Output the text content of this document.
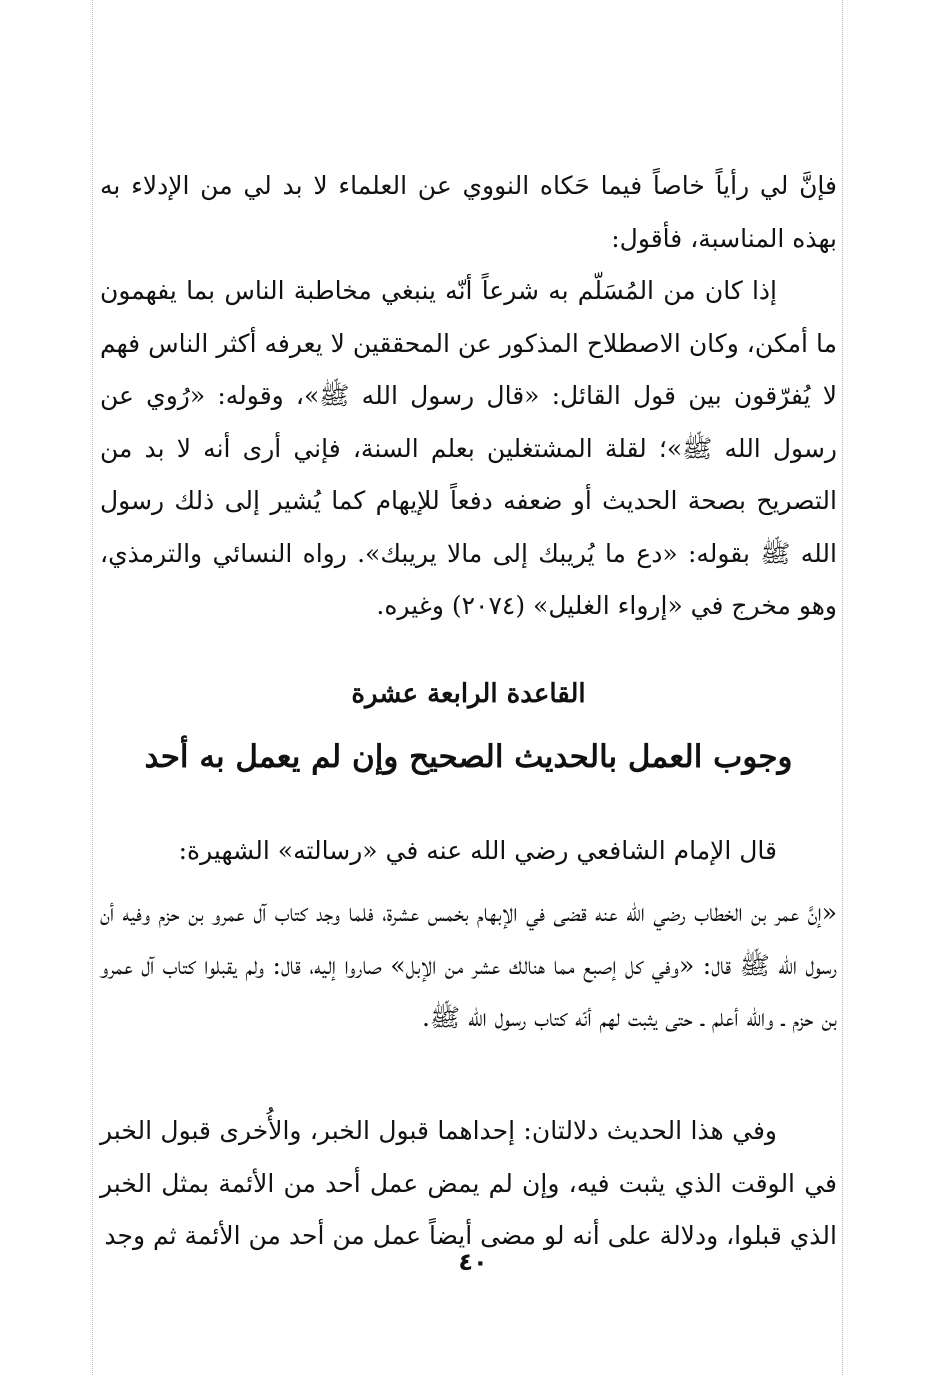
فإنَّ لي رأياً خاصاً فيما حَكاه النووي عن العلماء لا بد لي من الإدلاء به بهذه المناسبة، فأقول:

إذا كان من المُسَلّم به شرعاً أنّه ينبغي مخاطبة الناس بما يفهمون ما أمكن، وكان الاصطلاح المذكور عن المحققين لا يعرفه أكثر الناس فهم لا يُفرّقون بين قول القائل: «قال رسول الله ﷺ»، وقوله: «رُوي عن رسول الله ﷺ»؛ لقلة المشتغلين بعلم السنة، فإني أرى أنه لا بد من التصريح بصحة الحديث أو ضعفه دفعاً للإيهام كما يُشير إلى ذلك رسول الله ﷺ بقوله: «دع ما يُريبك إلى مالا يريبك». رواه النسائي والترمذي، وهو مخرج في «إرواء الغليل» (٢٠٧٤) وغيره.

القاعدة الرابعة عشرة
وجوب العمل بالحديث الصحيح وإن لم يعمل به أحد

قال الإمام الشافعي رضي الله عنه في «رسالته» الشهيرة:

«إنَّ عمر بن الخطاب رضي الله عنه قضى في الإبهام بخمس عشرة، فلما وجد كتاب آل عمرو بن حزم وفيه أن رسول الله ﷺ قال: «وفي كل إصبع مما هنالك عشر من الإبل» صاروا إليه، قال: ولم يقبلوا كتاب آل عمرو بن حزم ـ والله أعلم ـ حتى يثبت لهم أنّه كتاب رسول الله ﷺ.

وفي هذا الحديث دلالتان: إحداهما قبول الخبر، والأُخرى قبول الخبر في الوقت الذي يثبت فيه، وإن لم يمض عمل أحد من الأئمة بمثل الخبر الذي قبلوا، ودلالة على أنه لو مضى أيضاً عمل من أحد من الأئمة ثم وجد

٤٠
